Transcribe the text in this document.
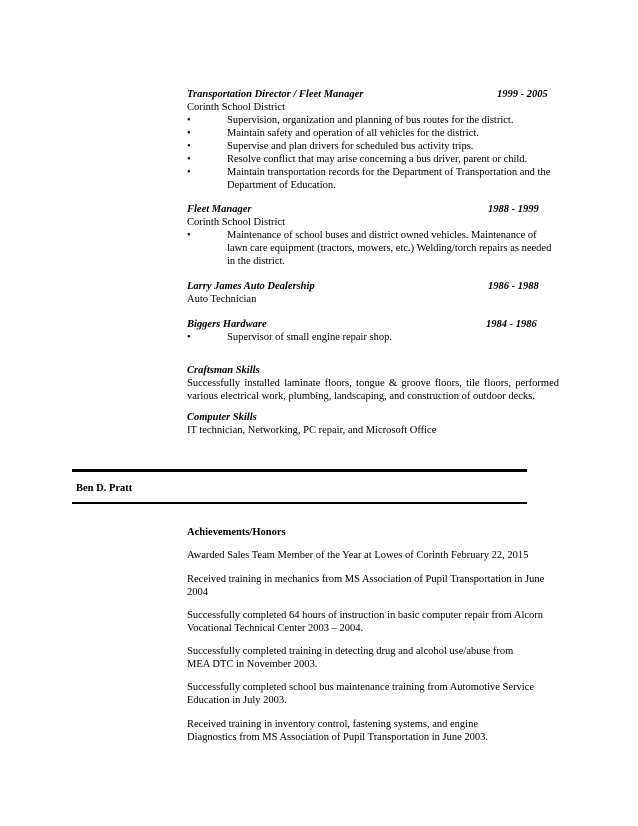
Transportation Director / Fleet Manager	1999 - 2005
Corinth School District
•	Supervision, organization and planning of bus routes for the district.
•	Maintain safety and operation of all vehicles for the district.
•	Supervise and plan drivers for scheduled bus activity trips.
•	Resolve conflict that may arise concerning a bus driver, parent or child.
•	Maintain transportation records for the Department of Transportation and the Department of Education.
Fleet Manager	1988 - 1999
Corinth School District
•	Maintenance of school buses and district owned vehicles. Maintenance of lawn care equipment (tractors, mowers, etc.) Welding/torch repairs as needed in the district.
Larry James Auto Dealership	1986 - 1988
Auto Technician
Biggers Hardware	1984 - 1986
•	Supervisor of small engine repair shop.
Craftsman Skills
Successfully installed laminate floors, tongue & groove floors, tile floors, performed various electrical work, plumbing, landscaping, and construction of outdoor decks.
Computer Skills
IT technician, Networking, PC repair, and Microsoft Office
Ben D. Pratt
Achievements/Honors

Awarded Sales Team Member of the Year at Lowes of Corinth February 22, 2015

Received training in mechanics from MS Association of Pupil Transportation in June 2004

Successfully completed 64 hours of instruction in basic computer repair from Alcorn Vocational Technical Center 2003 – 2004.

Successfully completed training in detecting drug and alcohol use/abuse from MEA DTC in November 2003.

Successfully completed school bus maintenance training from Automotive Service Education in July 2003.

Received training in inventory control, fastening systems, and engine Diagnostics from MS Association of Pupil Transportation in June 2003.
